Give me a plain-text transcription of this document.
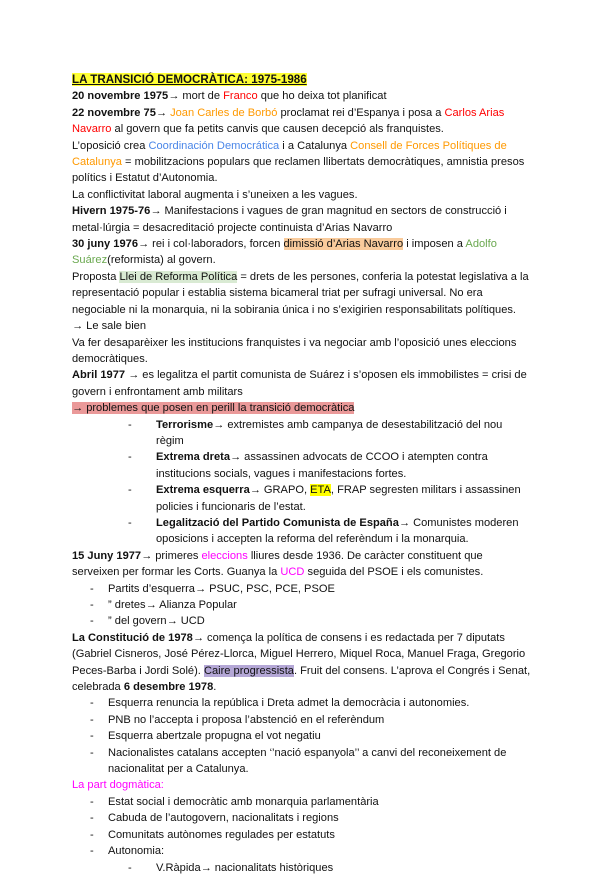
LA TRANSICIÓ DEMOCRÀTICA: 1975-1986

20 novembre 1975→ mort de Franco que ho deixa tot planificat

22 novembre 75→ Joan Carles de Borbó proclamat rei d’Espanya i posa a Carlos Arias Navarro al govern que fa petits canvis que causen decepció als franquistes.

L’oposició crea Coordinación Democrática i a Catalunya Consell de Forces Polítiques de Catalunya = mobilitzacions populars que reclamen llibertats democràtiques, amnistia presos polítics i Estatut d’Autonomia.

La conflictivitat laboral augmenta i s’uneixen a les vagues.

Hivern 1975-76→ Manifestacions i vagues de gran magnitud en sectors de construcció i metal·lúrgia = desacreditació projecte continuista d’Arias Navarro

30 juny 1976→ rei i col·laboradors, forcen dimissió d’Arias Navarro i imposen a Adolfo Suárez(reformista) al govern.

Proposta Llei de Reforma Política = drets de les persones, conferia la potestat legislativa a la representació popular i establia sistema bicameral triat per sufragi universal. No era negociable ni la monarquia, ni la sobirania única i no s’exigirien responsabilitats polítiques.

→ Le sale bien

Va fer desaparèixer les institucions franquistes i va negociar amb l’oposició unes eleccions democràtiques.

Abril 1977 → es legalitza el partit comunista de Suárez i s’oposen els immobilistes = crisi de govern i enfrontament amb militars

→ problemes que posen en perill la transició democràtica

- Terrorisme→ extremistes amb campanya de desestabilització del nou règim
- Extrema dreta→ assassinen advocats de CCOO i atempten contra institucions socials, vagues i manifestacions fortes.
- Extrema esquerra→ GRAPO, ETA, FRAP segresten militars i assassinen policies i funcionaris de l’estat.
- Legalització del Partido Comunista de España→ Comunistes moderen oposicions i accepten la reforma del referèndum i la monarquia.

15 Juny 1977→ primeres eleccions lliures desde 1936. De caràcter constituent que serveixen per formar les Corts. Guanya la UCD seguida del PSOE i els comunistes.

- Partits d’esquerra→ PSUC, PSC, PCE, PSOE
- ” dretes→ Alianza Popular
- ” del govern→ UCD

La Constitució de 1978→ comença la política de consens i es redactada per 7 diputats (Gabriel Cisneros, José Pérez-Llorca, Miguel Herrero, Miquel Roca, Manuel Fraga, Gregorio Peces-Barba i Jordi Solé). Caire progressista. Fruit del consens. L’aprova el Congrés i Senat, celebrada 6 desembre 1978.

- Esquerra renuncia la república i Dreta admet la democràcia i autonomies.
- PNB no l’accepta i proposa l’abstenció en el referèndum
- Esquerra abertzale propugna el vot negatiu
- Nacionalistes catalans accepten ‘’nació espanyola’’ a canvi del reconeixement de nacionalitat per a Catalunya.

La part dogmàtica:

- Estat social i democràtic amb monarquia parlamentària
- Cabuda de l’autogovern, nacionalitats i regions
- Comunitats autònomes regulades per estatuts
- Autonomia:
- V.Ràpida→ nacionalitats històriques
